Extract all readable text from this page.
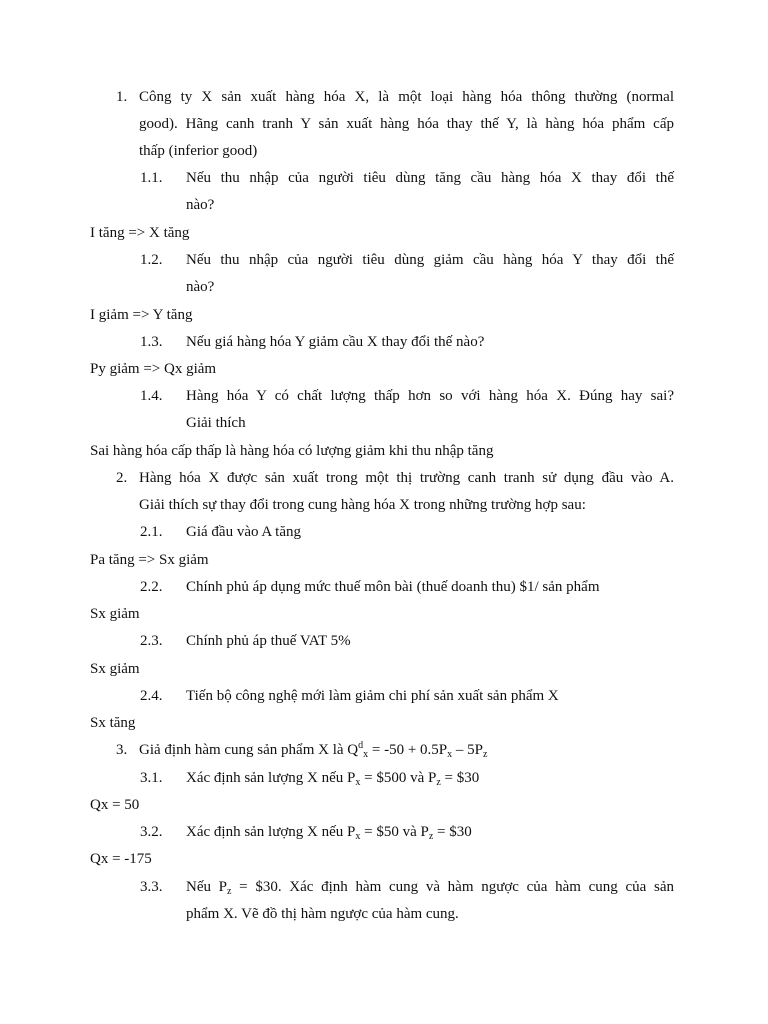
1. Công ty X sản xuất hàng hóa X, là một loại hàng hóa thông thường (normal
good). Hãng canh tranh Y sản xuất hàng hóa thay thế Y, là hàng hóa phẩm cấp
thấp (inferior good)
1.1. Nếu thu nhập của người tiêu dùng tăng cầu hàng hóa X thay đổi thế
nào?
I tăng => X tăng
1.2. Nếu thu nhập của người tiêu dùng giảm cầu hàng hóa Y thay đổi thế
nào?
I giảm => Y tăng
1.3. Nếu giá hàng hóa Y giảm cầu X thay đổi thế nào?
Py giảm => Qx giảm
1.4. Hàng hóa Y có chất lượng thấp hơn so với hàng hóa X. Đúng hay sai?
Giải thích
Sai hàng hóa cấp thấp là hàng hóa có lượng giảm khi thu nhập tăng
2. Hàng hóa X được sản xuất trong một thị trường canh tranh sử dụng đầu vào A.
Giải thích sự thay đổi trong cung hàng hóa X trong những trường hợp sau:
2.1. Giá đầu vào A tăng
Pa tăng => Sx giảm
2.2. Chính phủ áp dụng mức thuế môn bài (thuế doanh thu) $1/ sản phẩm
Sx giảm
2.3. Chính phủ áp thuế VAT 5%
Sx giảm
2.4. Tiến bộ công nghệ mới làm giảm chi phí sản xuất sản phẩm X
Sx tăng
3. Giả định hàm cung sản phẩm X là $Q^d_x = -50 + 0.5P_x - 5P_z$
3.1. Xác định sản lượng X nếu $P_x$ = $500 và $P_z$ = $30
Qx = 50
3.2. Xác định sản lượng X nếu $P_x$ = $50 và $P_z$ = $30
Qx = -175
3.3. Nếu $P_z$ = $30. Xác định hàm cung và hàm ngược của hàm cung của sản
phẩm X. Vẽ đồ thị hàm ngược của hàm cung.
